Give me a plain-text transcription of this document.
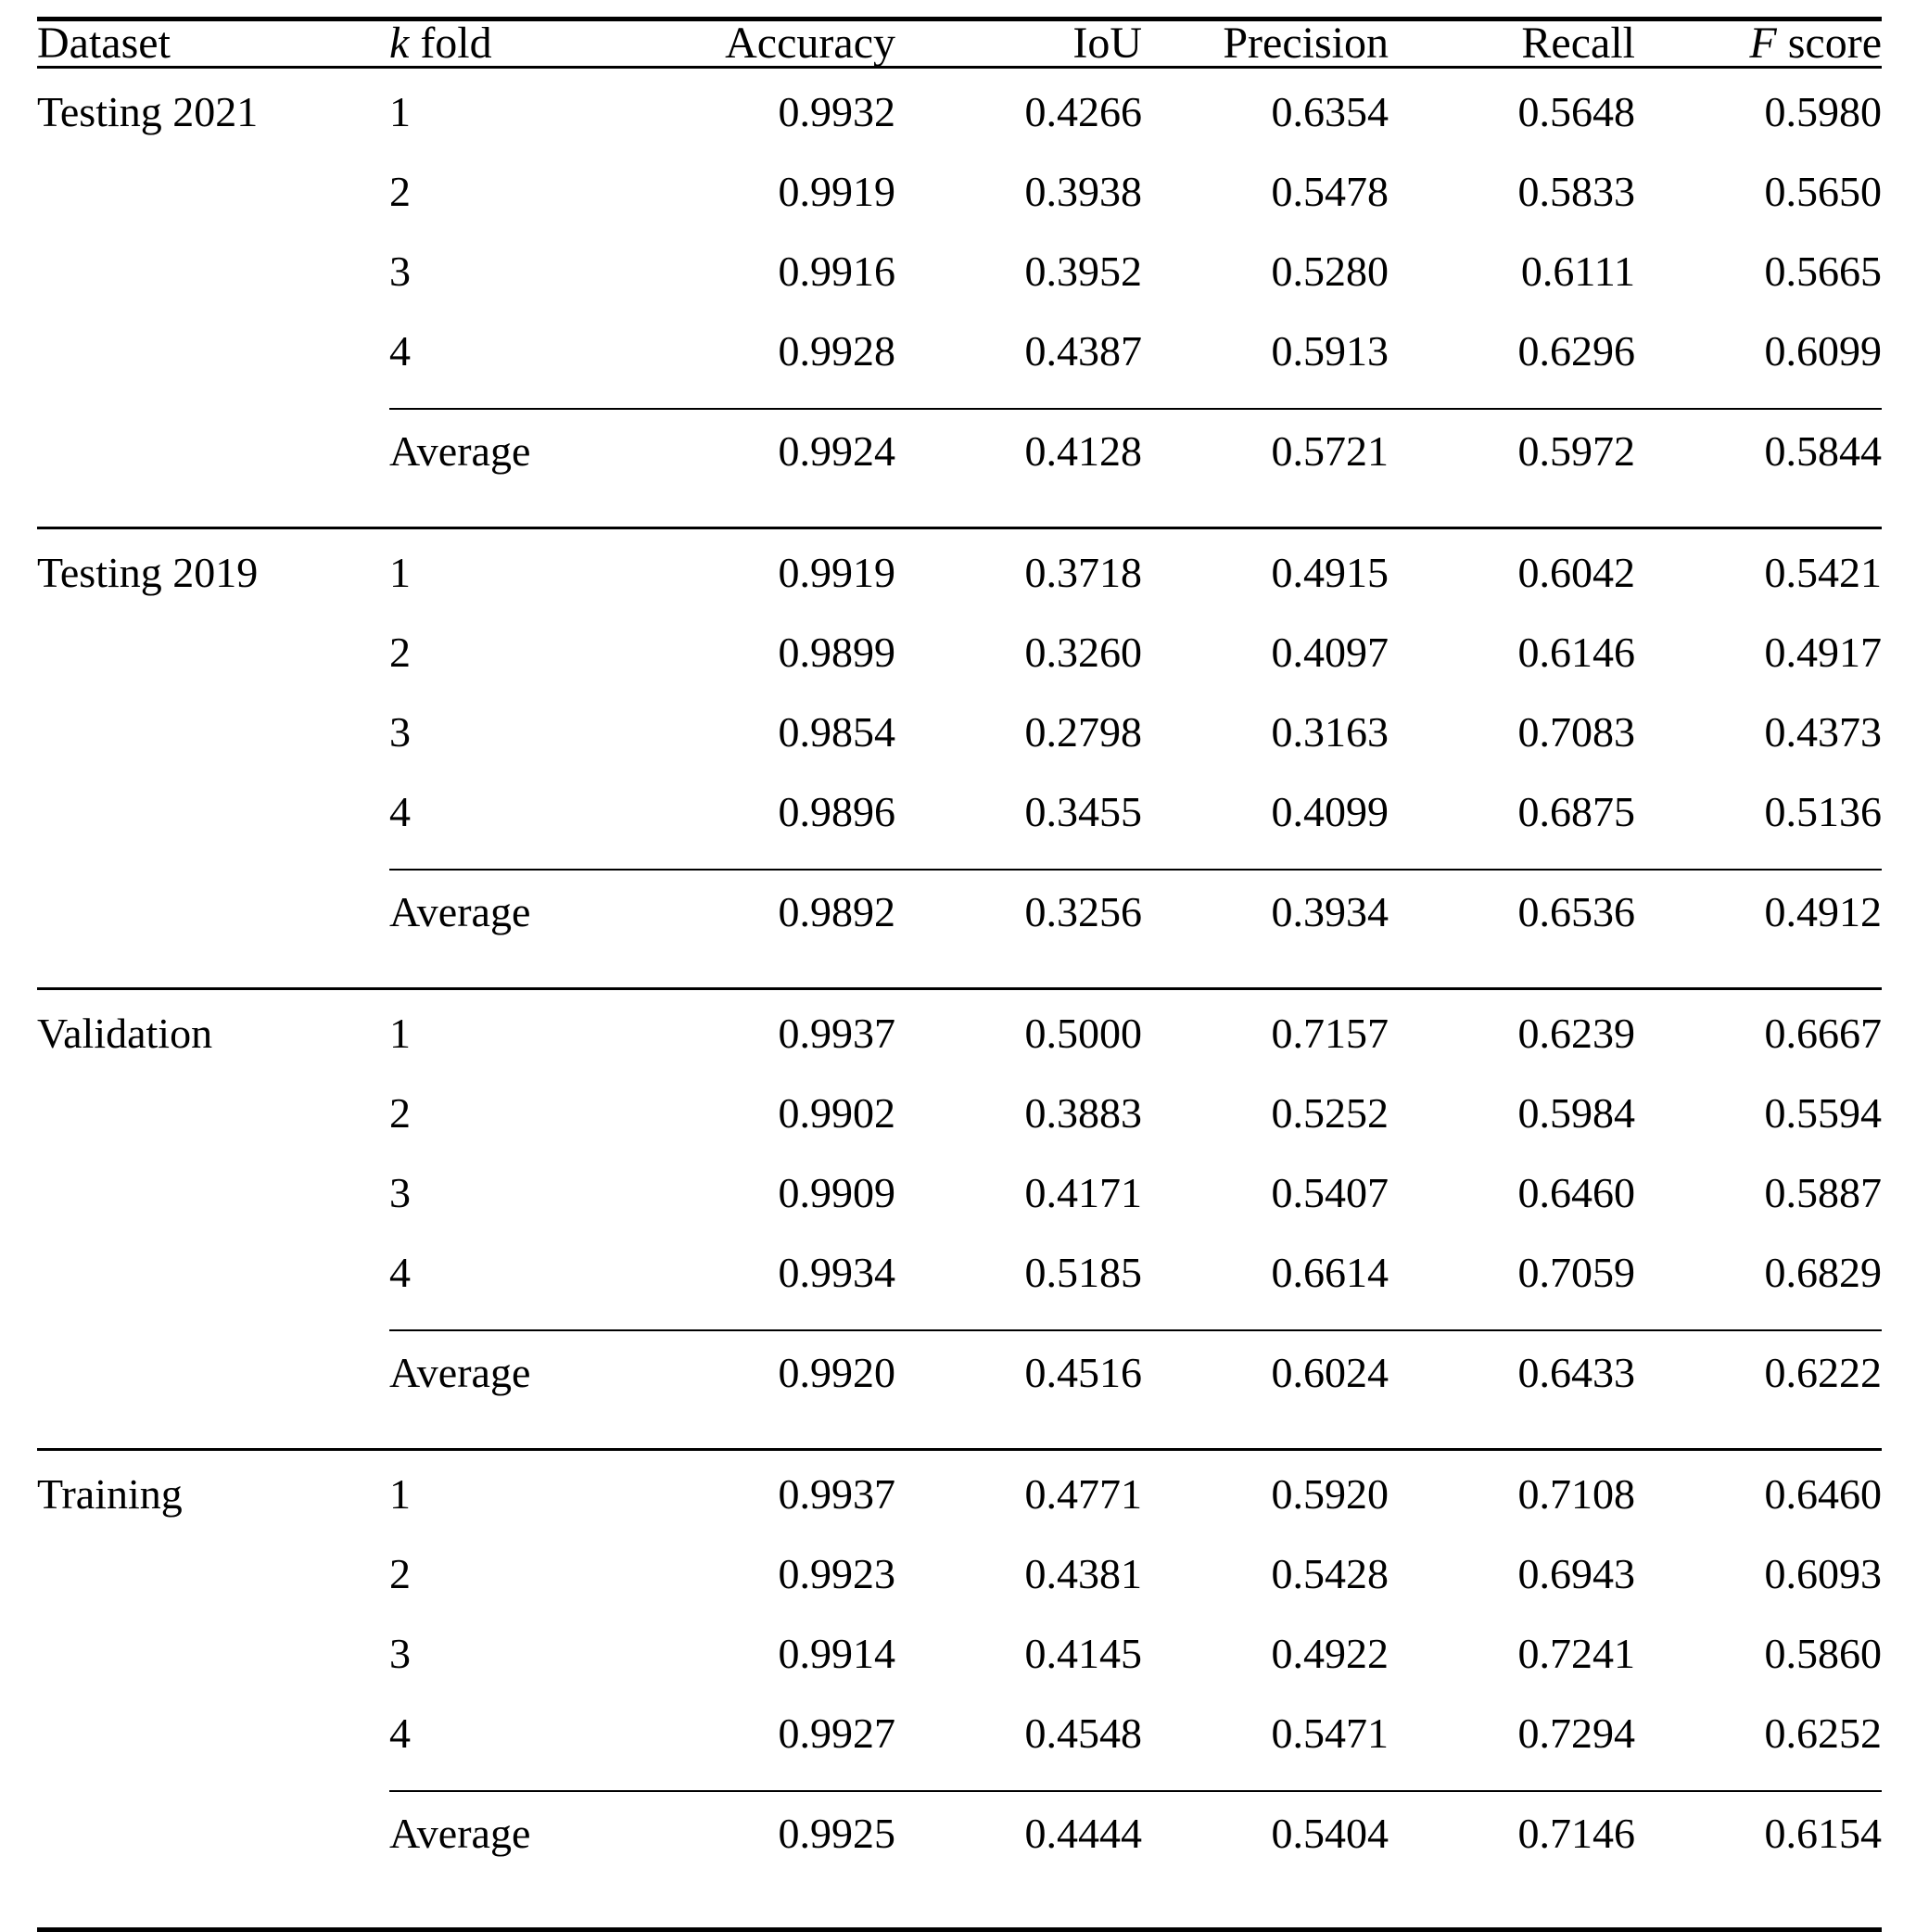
Dataset	k fold	Accuracy	IoU	Precision	Recall	F score
Testing 2021	1	0.9932	0.4266	0.6354	0.5648	0.5980
	2	0.9919	0.3938	0.5478	0.5833	0.5650
	3	0.9916	0.3952	0.5280	0.6111	0.5665
	4	0.9928	0.4387	0.5913	0.6296	0.6099
	Average	0.9924	0.4128	0.5721	0.5972	0.5844
Testing 2019	1	0.9919	0.3718	0.4915	0.6042	0.5421
	2	0.9899	0.3260	0.4097	0.6146	0.4917
	3	0.9854	0.2798	0.3163	0.7083	0.4373
	4	0.9896	0.3455	0.4099	0.6875	0.5136
	Average	0.9892	0.3256	0.3934	0.6536	0.4912
Validation	1	0.9937	0.5000	0.7157	0.6239	0.6667
	2	0.9902	0.3883	0.5252	0.5984	0.5594
	3	0.9909	0.4171	0.5407	0.6460	0.5887
	4	0.9934	0.5185	0.6614	0.7059	0.6829
	Average	0.9920	0.4516	0.6024	0.6433	0.6222
Training	1	0.9937	0.4771	0.5920	0.7108	0.6460
	2	0.9923	0.4381	0.5428	0.6943	0.6093
	3	0.9914	0.4145	0.4922	0.7241	0.5860
	4	0.9927	0.4548	0.5471	0.7294	0.6252
	Average	0.9925	0.4444	0.5404	0.7146	0.6154
